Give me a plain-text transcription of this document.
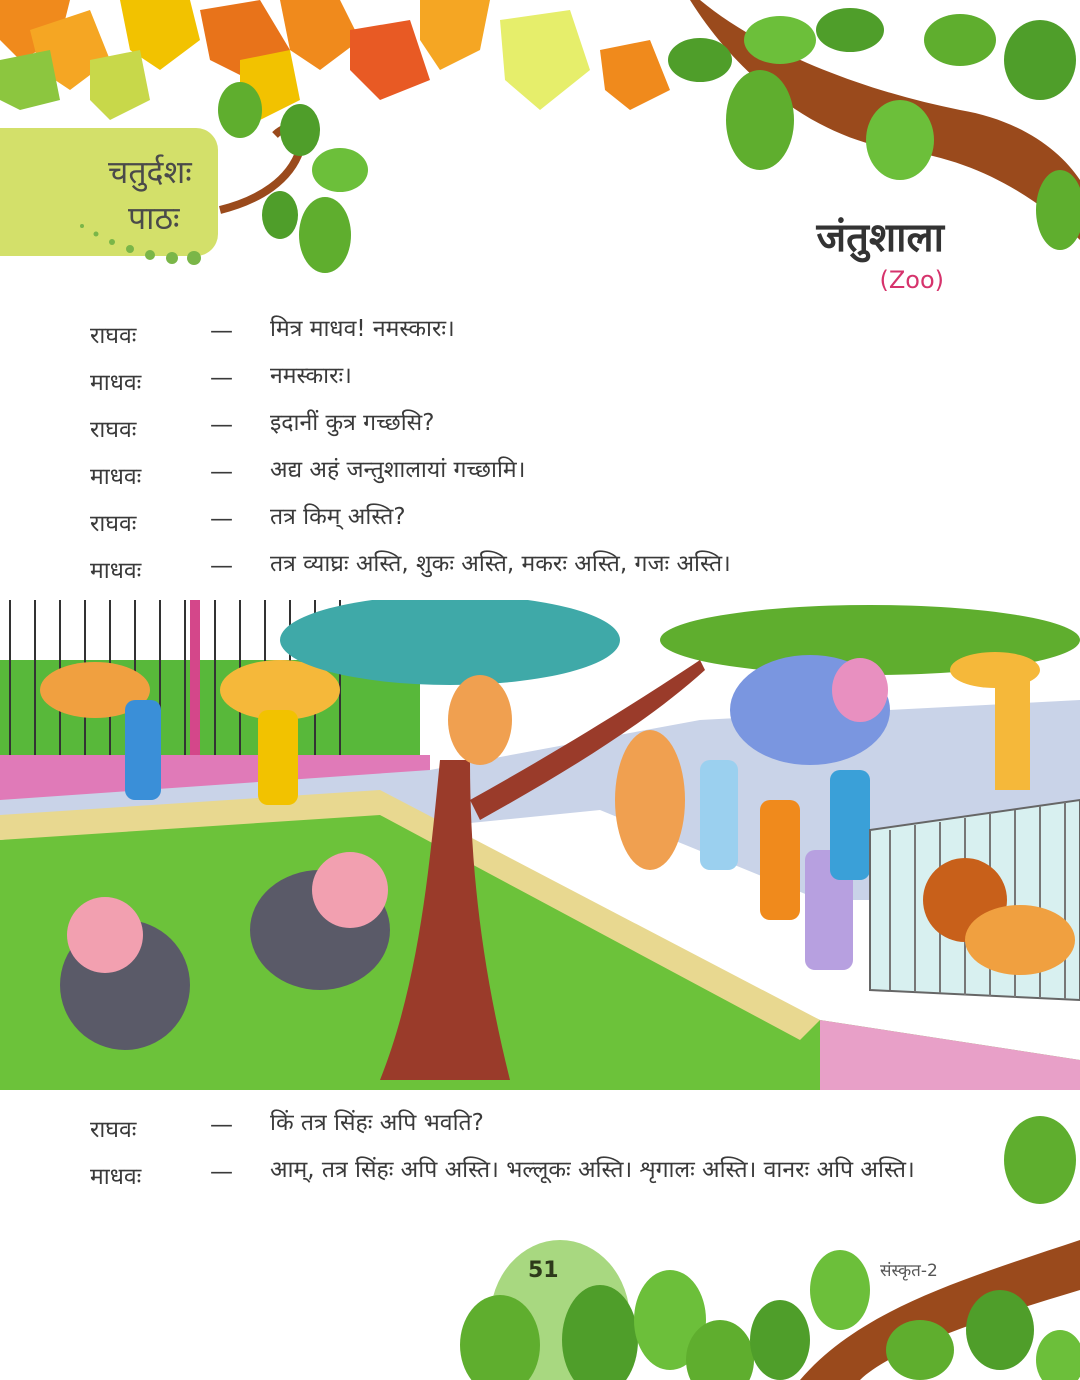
चतुर्दशः
पाठः	जंतुशाला
(Zoo)
राघवः	— मित्र माधव! नमस्कारः।
माधवः	— नमस्कारः।
राघवः	— इदानीं कुत्र गच्छसि?
माधवः	— अद्य अहं जन्तुशालायां गच्छामि।
राघवः	— तत्र किम् अस्ति?
माधवः	— तत्र व्याघ्रः अस्ति, शुकः अस्ति, मकरः अस्ति, गजः अस्ति।
राघवः	— किं तत्र सिंहः अपि भवति?
माधवः	— आम्, तत्र सिंहः अपि अस्ति। भल्लूकः अस्ति। शृगालः अस्ति। वानरः अपि अस्ति।
51	संस्कृत-2
